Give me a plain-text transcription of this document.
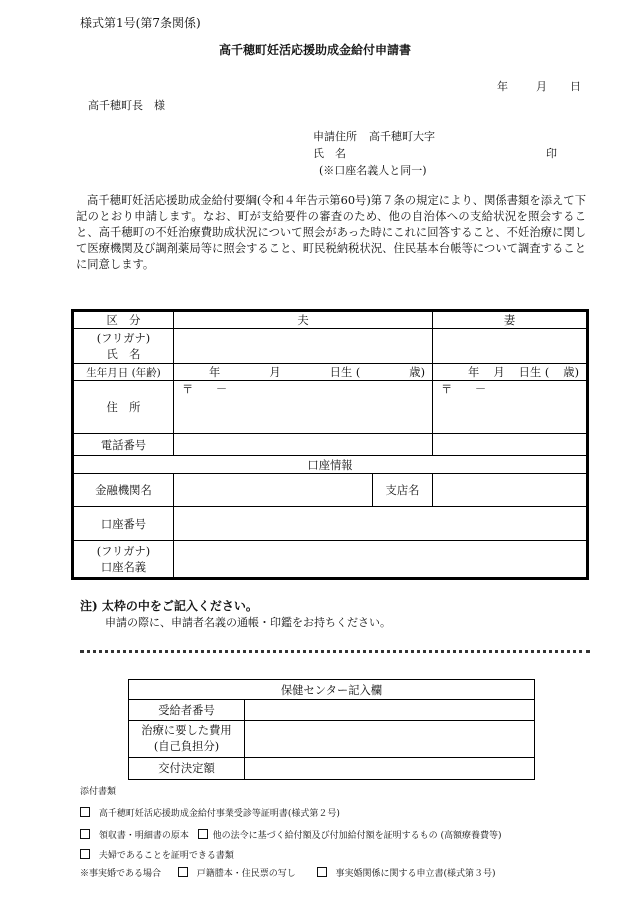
様式第1号(第7条関係)
高千穂町妊活応援助成金給付申請書
年	月 日
高千穂町長　様
申請住所 高千穂町大字
氏　名	印
(※口座名義人と同一)

高千穂町妊活応援助成金給付要綱(令和４年告示第60号)第７条の規定により、関係書類を添えて下記のとおり申請します。なお、町が支給要件の審査のため、他の自治体への支給状況を照会すること、高千穂町の不妊治療費助成状況について照会があった時にこれに回答すること、不妊治療に関して医療機関及び調剤薬局等に照会すること、町民税納税状況、住民基本台帳等について調査することに同意します。

区　分	夫		妻

(フリガナ)
氏　名			

生年月日 (年齢)	年 月 日生 ( 歳)		年 月 日生 ( 歳)

住　所	〒　　－		〒　　－
電話番号			
口座情報			
金融機関名		支店名	
口座番号			

(フリガナ)
口座名義			

注) 太枠の中をご記入ください。
申請の際に、申請者名義の通帳・印鑑をお持ちください。
保健センター記入欄	
受給者番号	

治療に要した費用
(自己負担分)	

交付決定額	
添付書類
高千穂町妊活応援助成金給付事業受診等証明書(様式第２号)
領収書・明細書の原本	他の法令に基づく給付額及び付加給付額を証明するもの (高額療養費等)
夫婦であることを証明できる書類
※事実婚である場合	戸籍謄本・住民票の写し	事実婚関係に関する申立書(様式第３号)
